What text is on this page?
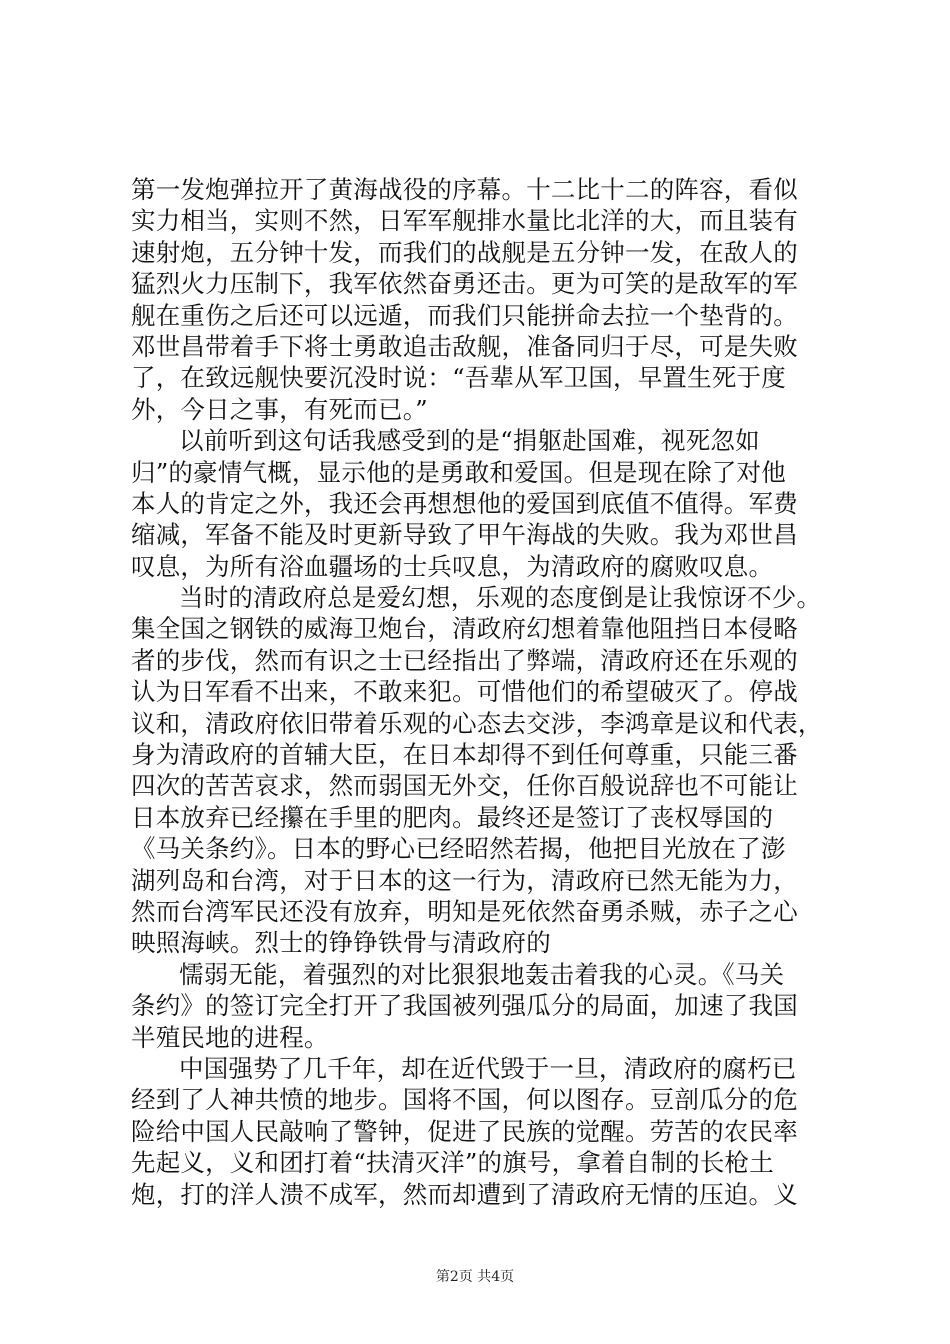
第一发炮弹拉开了黄海战役的序幕。十二比十二的阵容，看似
实力相当，实则不然，日军军舰排水量比北洋的大，而且装有
速射炮，五分钟十发，而我们的战舰是五分钟一发，在敌人的
猛烈火力压制下，我军依然奋勇还击。更为可笑的是敌军的军
舰在重伤之后还可以远遁，而我们只能拼命去拉一个垫背的。
邓世昌带着手下将士勇敢追击敌舰，准备同归于尽，可是失败
了，在致远舰快要沉没时说：“吾辈从军卫国，早置生死于度
外，今日之事，有死而已。”
以前听到这句话我感受到的是“捐躯赴国难，视死忽如
归”的豪情气概，显示他的是勇敢和爱国。但是现在除了对他
本人的肯定之外，我还会再想想他的爱国到底值不值得。军费
缩减，军备不能及时更新导致了甲午海战的失败。我为邓世昌
叹息，为所有浴血疆场的士兵叹息，为清政府的腐败叹息。
当时的清政府总是爱幻想，乐观的态度倒是让我惊讶不少。
集全国之钢铁的威海卫炮台，清政府幻想着靠他阻挡日本侵略
者的步伐，然而有识之士已经指出了弊端，清政府还在乐观的
认为日军看不出来，不敢来犯。可惜他们的希望破灭了。停战
议和，清政府依旧带着乐观的心态去交涉，李鸿章是议和代表，
身为清政府的首辅大臣，在日本却得不到任何尊重，只能三番
四次的苦苦哀求，然而弱国无外交，任你百般说辞也不可能让
日本放弃已经攥在手里的肥肉。最终还是签订了丧权辱国的
《马关条约》。日本的野心已经昭然若揭，他把目光放在了澎
湖列岛和台湾，对于日本的这一行为，清政府已然无能为力，
然而台湾军民还没有放弃，明知是死依然奋勇杀贼，赤子之心
映照海峡。烈士的铮铮铁骨与清政府的
懦弱无能，着强烈的对比狠狠地轰击着我的心灵。《马关
条约》的签订完全打开了我国被列强瓜分的局面，加速了我国
半殖民地的进程。
中国强势了几千年，却在近代毁于一旦，清政府的腐朽已
经到了人神共愤的地步。国将不国，何以图存。豆剖瓜分的危
险给中国人民敲响了警钟，促进了民族的觉醒。劳苦的农民率
先起义，义和团打着“扶清灭洋”的旗号，拿着自制的长枪土
炮，打的洋人溃不成军，然而却遭到了清政府无情的压迫。义
第2页 共4页
